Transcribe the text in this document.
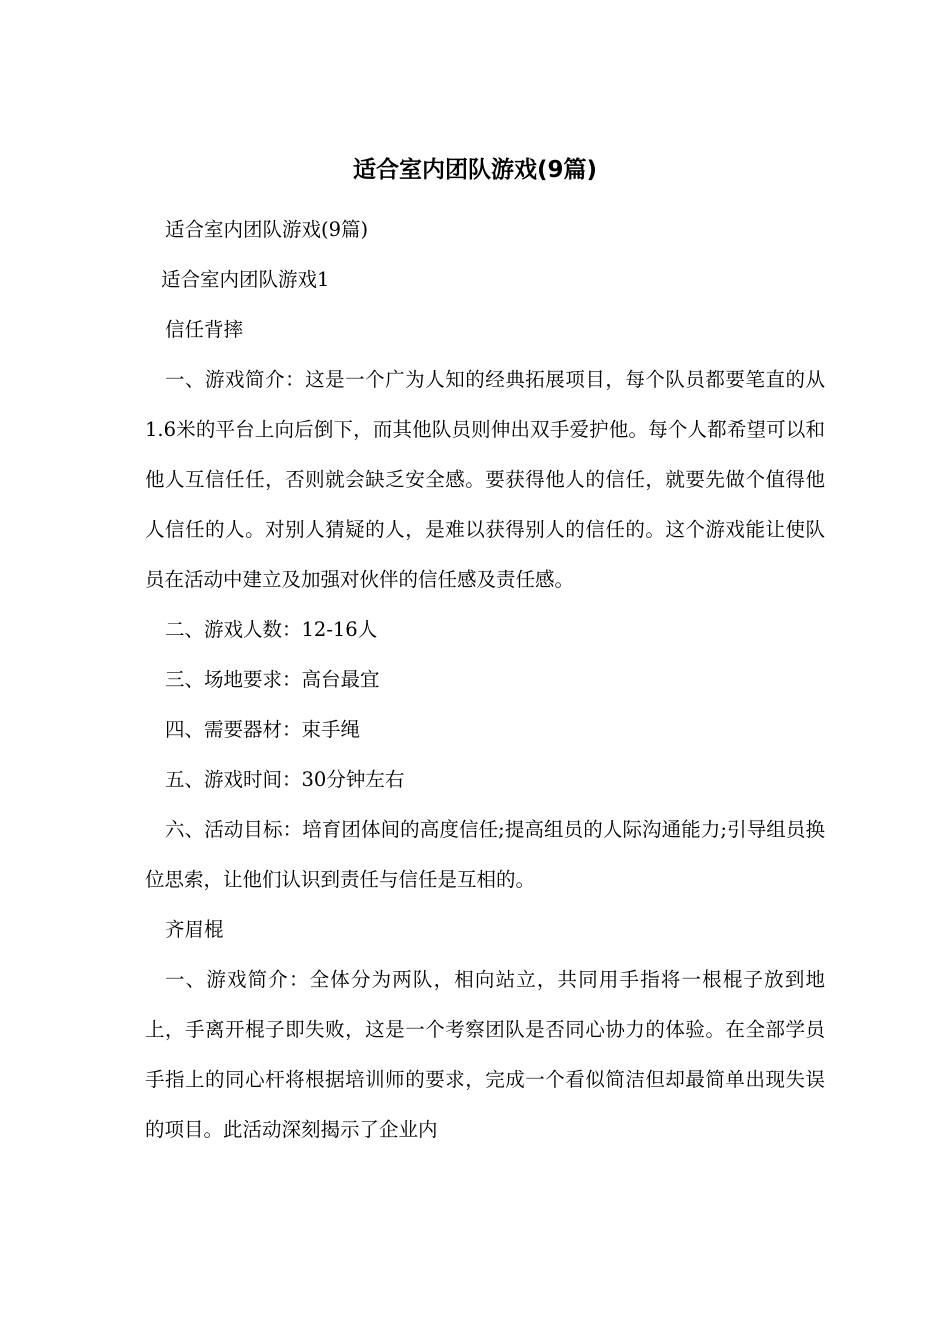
适合室内团队游戏(9篇)

适合室内团队游戏(9篇)

适合室内团队游戏1

信任背摔

一、游戏简介：这是一个广为人知的经典拓展项目，每个队员都要笔直的从1.6米的平台上向后倒下，而其他队员则伸出双手爱护他。每个人都希望可以和他人互信任任，否则就会缺乏安全感。要获得他人的信任，就要先做个值得他人信任的人。对别人猜疑的人，是难以获得别人的信任的。这个游戏能让使队员在活动中建立及加强对伙伴的信任感及责任感。

二、游戏人数：12-16人

三、场地要求：高台最宜

四、需要器材：束手绳

五、游戏时间：30分钟左右

六、活动目标：培育团体间的高度信任;提高组员的人际沟通能力;引导组员换位思索，让他们认识到责任与信任是互相的。

齐眉棍

一、游戏简介：全体分为两队，相向站立，共同用手指将一根棍子放到地上，手离开棍子即失败，这是一个考察团队是否同心协力的体验。在全部学员手指上的同心杆将根据培训师的要求，完成一个看似简洁但却最简单出现失误的项目。此活动深刻揭示了企业内
